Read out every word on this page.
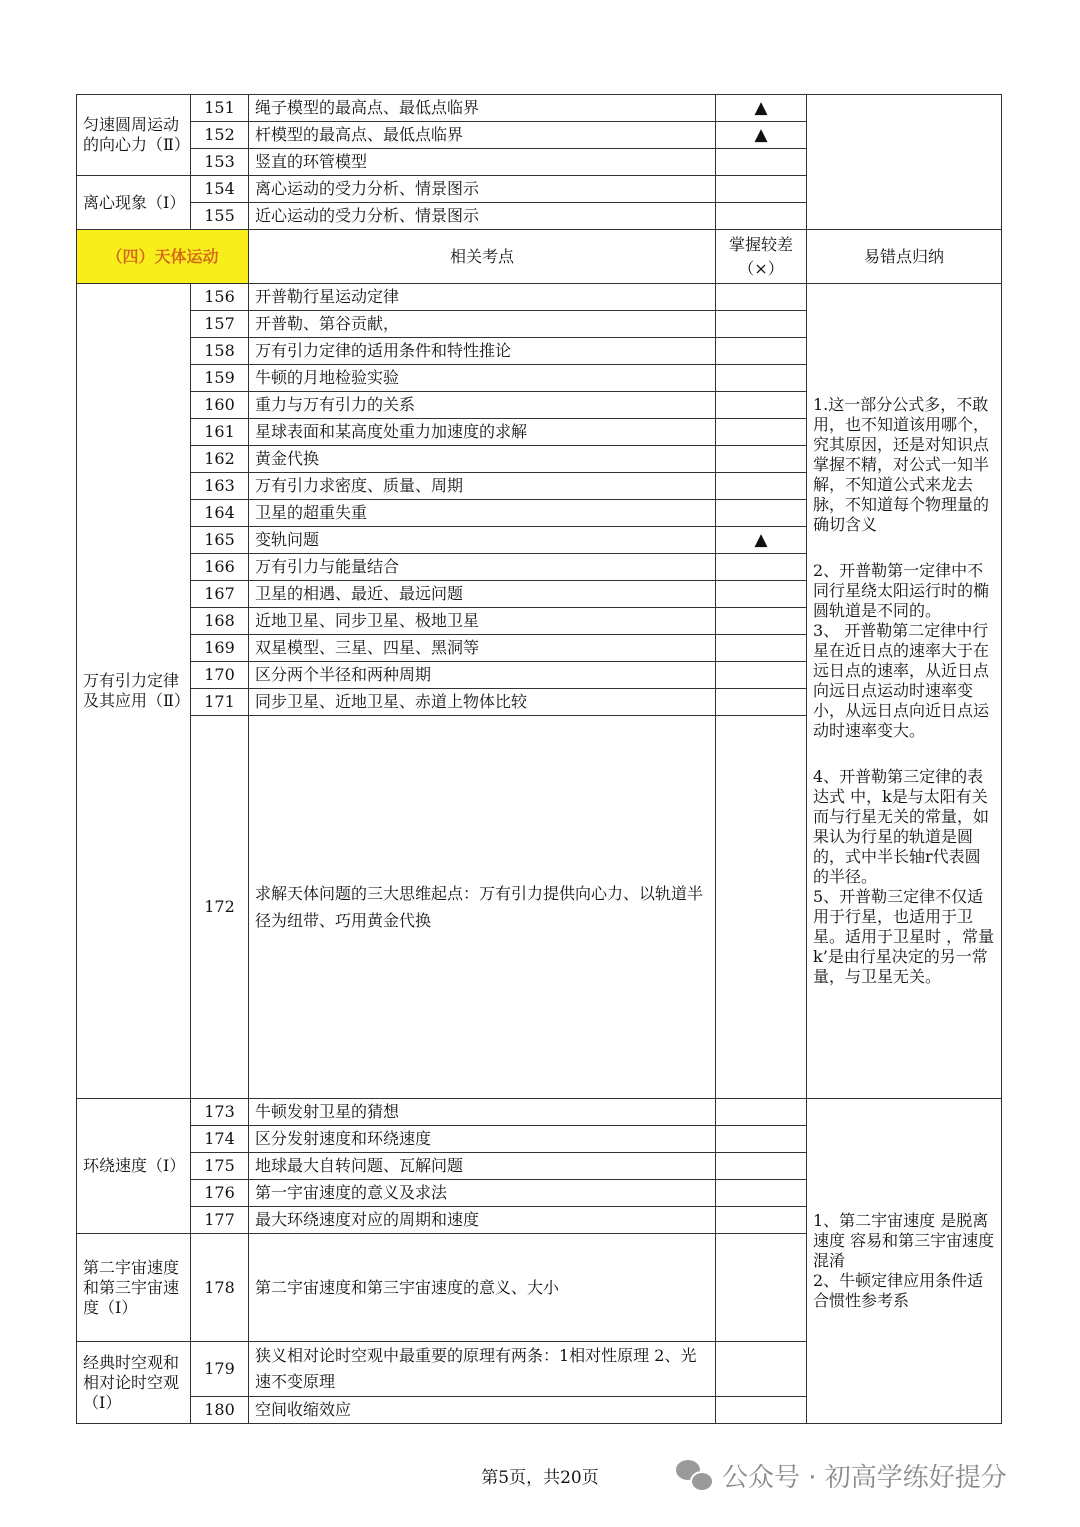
匀速圆周运动的向心力（Ⅱ）	151	绳子模型的最高点、最低点临界	▲	
	152	杆模型的最高点、最低点临界	▲	
	153	竖直的环管模型		
离心现象（Ⅰ）	154	离心运动的受力分析、情景图示		
	155	近心运动的受力分析、情景图示		
（四）天体运动		相关考点	掌握较差（×）	易错点归纳
万有引力定律及其应用（Ⅱ）	156	开普勒行星运动定律		1.这一部分公式多，不敢用，也不知道该用哪个，究其原因，还是对知识点掌握不精，对公式一知半解，不知道公式来龙去脉，不知道每个物理量的确切含义
2、开普勒第一定律中不同行星绕太阳运行时的椭圆轨道是不同的。
3、 开普勒第二定律中行星在近日点的速率大于在远日点的速率，从近日点向远日点运动时速率变小，从远日点向近日点运动时速率变大。
4、开普勒第三定律的表达式 中，k是与太阳有关而与行星无关的常量，如果认为行星的轨道是圆的，式中半长轴r代表圆的半径。
5、开普勒三定律不仅适用于行星，也适用于卫星。适用于卫星时 ，常量k’是由行星决定的另一常量，与卫星无关。

	157	开普勒、第谷贡献，		
	158	万有引力定律的适用条件和特性推论		
	159	牛顿的月地检验实验		
	160	重力与万有引力的关系		
	161	星球表面和某高度处重力加速度的求解		
	162	黄金代换		
	163	万有引力求密度、质量、周期		
	164	卫星的超重失重		
	165	变轨问题	▲	
	166	万有引力与能量结合		
	167	卫星的相遇、最近、最远问题		
	168	近地卫星、同步卫星、极地卫星		
	169	双星模型、三星、四星、黑洞等		
	170	区分两个半径和两种周期		
	171	同步卫星、近地卫星、赤道上物体比较		
	172	求解天体问题的三大思维起点：万有引力提供向心力、以轨道半径为纽带、巧用黄金代换		
环绕速度（Ⅰ）	173	牛顿发射卫星的猜想		1、第二宇宙速度 是脱离速度 容易和第三宇宙速度混淆
2、牛顿定律应用条件适合惯性参考系

	174	区分发射速度和环绕速度		
	175	地球最大自转问题、瓦解问题		
	176	第一宇宙速度的意义及求法		
	177	最大环绕速度对应的周期和速度		
第二宇宙速度和第三宇宙速度（Ⅰ）	178	第二宇宙速度和第三宇宙速度的意义、大小		
经典时空观和相对论时空观（Ⅰ）	179	狭义相对论时空观中最重要的原理有两条：1相对性原理 2、光速不变原理		
	180	空间收缩效应		
第5页，共20页	公众号 · 初高学练好提分
